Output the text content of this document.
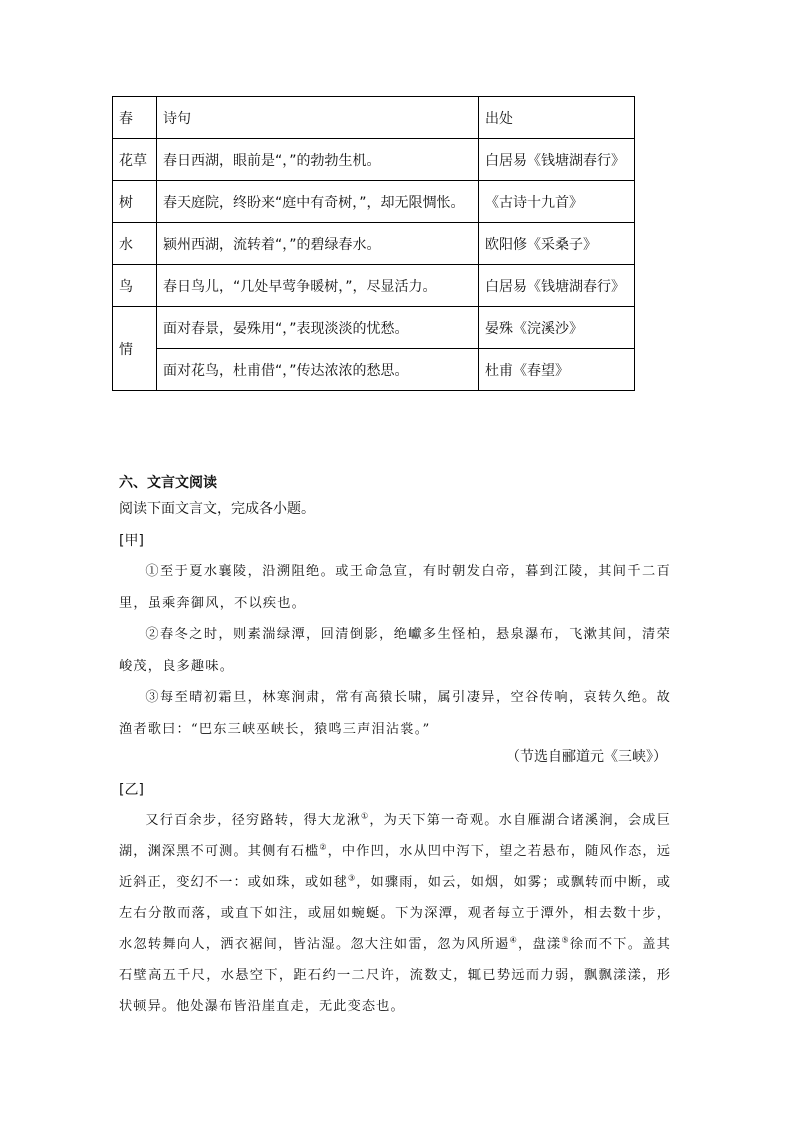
春	诗句	出处
花草	春日西湖，眼前是“，”的勃勃生机。	白居易《钱塘湖春行》
树	春天庭院，终盼来“庭中有奇树，”，却无限惆怅。	《古诗十九首》
水	颍州西湖，流转着“，”的碧绿春水。	欧阳修《采桑子》
鸟	春日鸟儿，“几处早莺争暖树，”，尽显活力。	白居易《钱塘湖春行》
情	面对春景，晏殊用“，”表现淡淡的忧愁。	晏殊《浣溪沙》
	面对花鸟，杜甫借“，”传达浓浓的愁思。	杜甫《春望》
六、文言文阅读
阅读下面文言文，完成各小题。
[甲]
①至于夏水襄陵，沿溯阻绝。或王命急宣，有时朝发白帝，暮到江陵，其间千二百里，虽乘奔御风，不以疾也。
②春冬之时，则素湍绿潭，回清倒影，绝巘多生怪柏，悬泉瀑布，飞漱其间，清荣峻茂，良多趣味。
③每至晴初霜旦，林寒涧肃，常有高猿长啸，属引凄异，空谷传响，哀转久绝。故渔者歌曰：“巴东三峡巫峡长，猿鸣三声泪沾裳。”
（节选自郦道元《三峡》）
[乙]
又行百余步，径穷路转，得大龙湫①，为天下第一奇观。水自雁湖合诸溪涧，会成巨湖，渊深黑不可测。其侧有石槛②，中作凹，水从凹中泻下，望之若悬布，随风作态，远近斜正，变幻不一：或如珠，或如毬③，如骤雨，如云，如烟，如雾；或飘转而中断，或左右分散而落，或直下如注，或屈如蜿蜒。下为深潭，观者每立于潭外，相去数十步，水忽转舞向人，洒衣裾间，皆沾湿。忽大注如雷，忽为风所遏④，盘漾⑤徐而不下。盖其石壁高五千尺，水悬空下，距石约一二尺许，流数丈，辄已势远而力弱，飘飘漾漾，形状顿异。他处瀑布皆沿崖直走，无此变态也。
